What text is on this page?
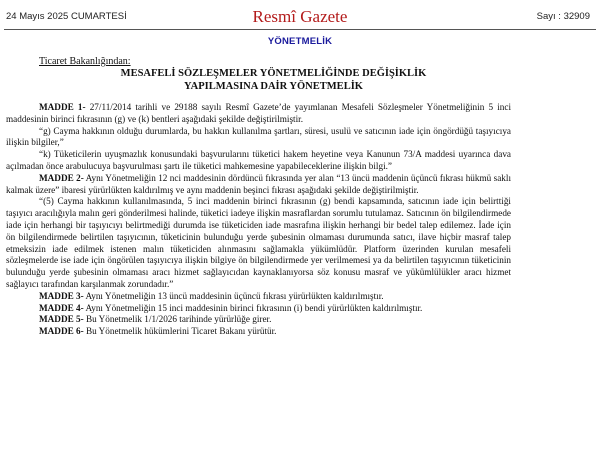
24 Mayıs 2025 CUMARTESİ	Resmî Gazete	Sayı : 32909
YÖNETMELİK
Ticaret Bakanlığından:
MESAFELİ SÖZLEŞMELER YÖNETMELİĞİNDE DEĞİŞİKLİK
YAPILMASINA DAİR YÖNETMELİK

MADDE 1- 27/11/2014 tarihli ve 29188 sayılı Resmî Gazete’de yayımlanan Mesafeli Sözleşmeler Yönetmeliğinin 5 inci maddesinin birinci fıkrasının (g) ve (k) bentleri aşağıdaki şekilde değiştirilmiştir.

“g) Cayma hakkının olduğu durumlarda, bu hakkın kullanılma şartları, süresi, usulü ve satıcının iade için öngördüğü taşıyıcıya ilişkin bilgiler,”

“k) Tüketicilerin uyuşmazlık konusundaki başvurularını tüketici hakem heyetine veya Kanunun 73/A maddesi uyarınca dava açılmadan önce arabulucuya başvurulması şartı ile tüketici mahkemesine yapabileceklerine ilişkin bilgi.”

MADDE 2- Aynı Yönetmeliğin 12 nci maddesinin dördüncü fıkrasında yer alan “13 üncü maddenin üçüncü fıkrası hükmü saklı kalmak üzere” ibaresi yürürlükten kaldırılmış ve aynı maddenin beşinci fıkrası aşağıdaki şekilde değiştirilmiştir.

“(5) Cayma hakkının kullanılmasında, 5 inci maddenin birinci fıkrasının (g) bendi kapsamında, satıcının iade için belirttiği taşıyıcı aracılığıyla malın geri gönderilmesi halinde, tüketici iadeye ilişkin masraflardan sorumlu tutulamaz. Satıcının ön bilgilendirmede iade için herhangi bir taşıyıcıyı belirtmediği durumda ise tüketiciden iade masrafına ilişkin herhangi bir bedel talep edilemez. İade için ön bilgilendirmede belirtilen taşıyıcının, tüketicinin bulunduğu yerde şubesinin olmaması durumunda satıcı, ilave hiçbir masraf talep etmeksizin iade edilmek istenen malın tüketiciden alınmasını sağlamakla yükümlüdür. Platform üzerinden kurulan mesafeli sözleşmelerde ise iade için öngörülen taşıyıcıya ilişkin bilgiye ön bilgilendirmede yer verilmemesi ya da belirtilen taşıyıcının tüketicinin bulunduğu yerde şubesinin olmaması aracı hizmet sağlayıcıdan kaynaklanıyorsa söz konusu masraf ve yükümlülükler aracı hizmet sağlayıcı tarafından karşılanmak zorundadır.”

MADDE 3- Aynı Yönetmeliğin 13 üncü maddesinin üçüncü fıkrası yürürlükten kaldırılmıştır.

MADDE 4- Aynı Yönetmeliğin 15 inci maddesinin birinci fıkrasının (i) bendi yürürlükten kaldırılmıştır.

MADDE 5- Bu Yönetmelik 1/1/2026 tarihinde yürürlüğe girer.

MADDE 6- Bu Yönetmelik hükümlerini Ticaret Bakanı yürütür.
